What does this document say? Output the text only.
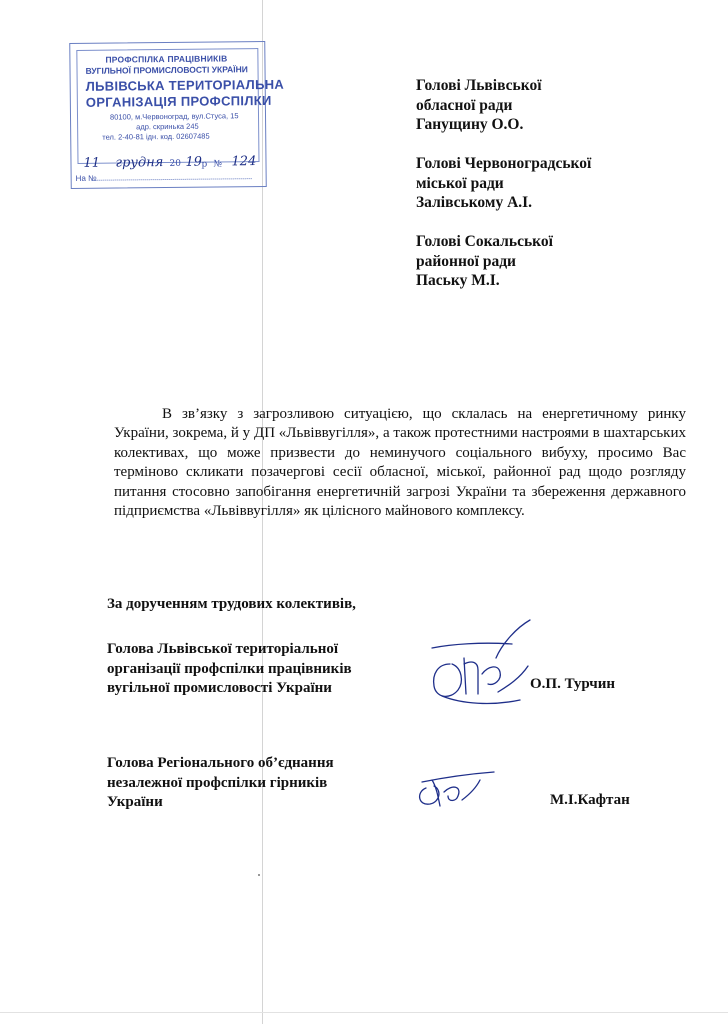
ПРОФСПІЛКА ПРАЦІВНИКІВ
ВУГІЛЬНОЇ ПРОМИСЛОВОСТІ УКРАЇНИ
ЛЬВІВСЬКА ТЕРИТОРІАЛЬНА
ОРГАНІЗАЦІЯ ПРОФСПІЛКИ
80100, м.Червоноград, вул.Стуса, 15
адр. скринька 245
тел. 2-40-81 ідн. код. 02607485
11 грудня 20 19 р № 124
На №
Голові Львівської
обласної ради
Ганущину О.О.
Голові Червоноградської
міської ради
Залівському А.І.
Голові Сокальської
районної ради
Паську М.І.

В зв’язку з загрозливою ситуацією, що склалась на енергетичному ринку України, зокрема, й у ДП «Львіввугілля», а також протестними настроями в шахтарських колективах, що може призвести до неминучого соціального вибуху, просимо Вас терміново скликати позачергові сесії обласної, міської, районної рад щодо розгляду питання стосовно запобігання енергетичній загрозі України та збереження державного підприємства «Львіввугілля» як цілісного майнового комплексу.

За дорученням трудових колективів,
Голова Львівської територіальної
організації профспілки працівників
вугільної промисловості України	О.П. Турчин
Голова Регіонального об’єднання
незалежної профспілки гірників
України	М.І.Кафтан
